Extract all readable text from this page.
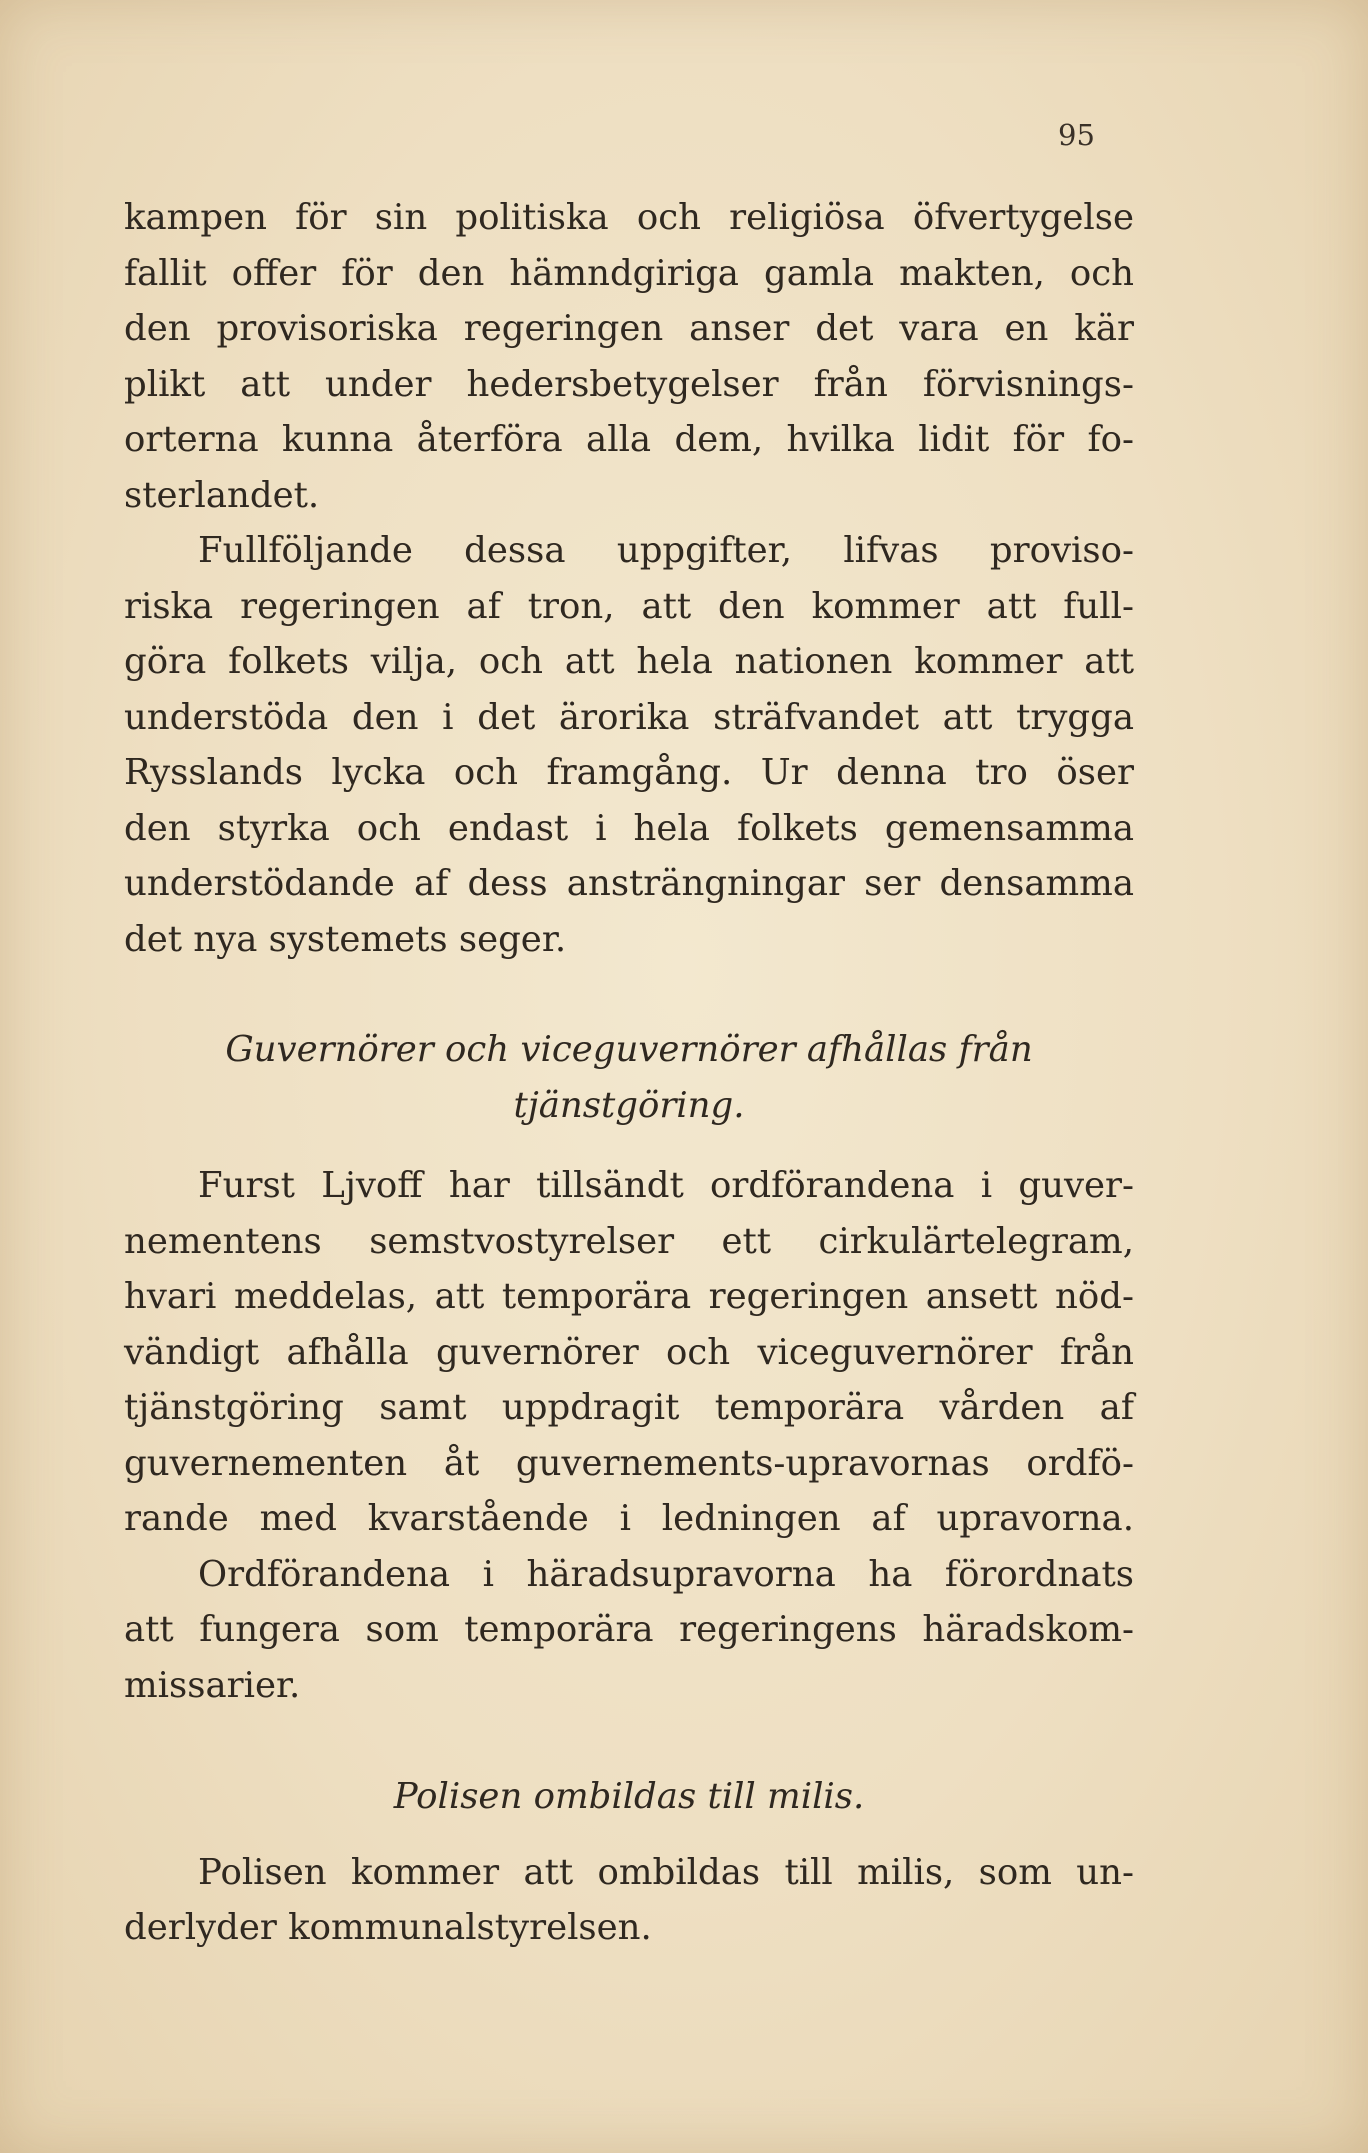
95

kampen för sin politiska och religiösa öfvertygelse
fallit offer för den hämndgiriga gamla makten, och
den provisoriska regeringen anser det vara en kär
plikt att under hedersbetygelser från förvisnings-
orterna kunna återföra alla dem, hvilka lidit för fo-
sterlandet.

Fullföljande dessa uppgifter, lifvas proviso-
riska regeringen af tron, att den kommer att full-
göra folkets vilja, och att hela nationen kommer att
understöda den i det ärorika sträfvandet att trygga
Rysslands lycka och framgång. Ur denna tro öser
den styrka och endast i hela folkets gemensamma
understödande af dess ansträngningar ser densamma
det nya systemets seger.

Guvernörer och viceguvernörer afhållas från
tjänstgöring.

Furst Ljvoff har tillsändt ordförandena i guver-
nementens semstvostyrelser ett cirkulärtelegram,
hvari meddelas, att temporära regeringen ansett nöd-
vändigt afhålla guvernörer och viceguvernörer från
tjänstgöring samt uppdragit temporära vården af
guvernementen åt guvernements-upravornas ordfö-
rande med kvarstående i ledningen af upravorna.
Ordförandena i häradsupravorna ha förordnats
att fungera som temporära regeringens häradskom-
missarier.

Polisen ombildas till milis.

Polisen kommer att ombildas till milis, som un-
derlyder kommunalstyrelsen.
